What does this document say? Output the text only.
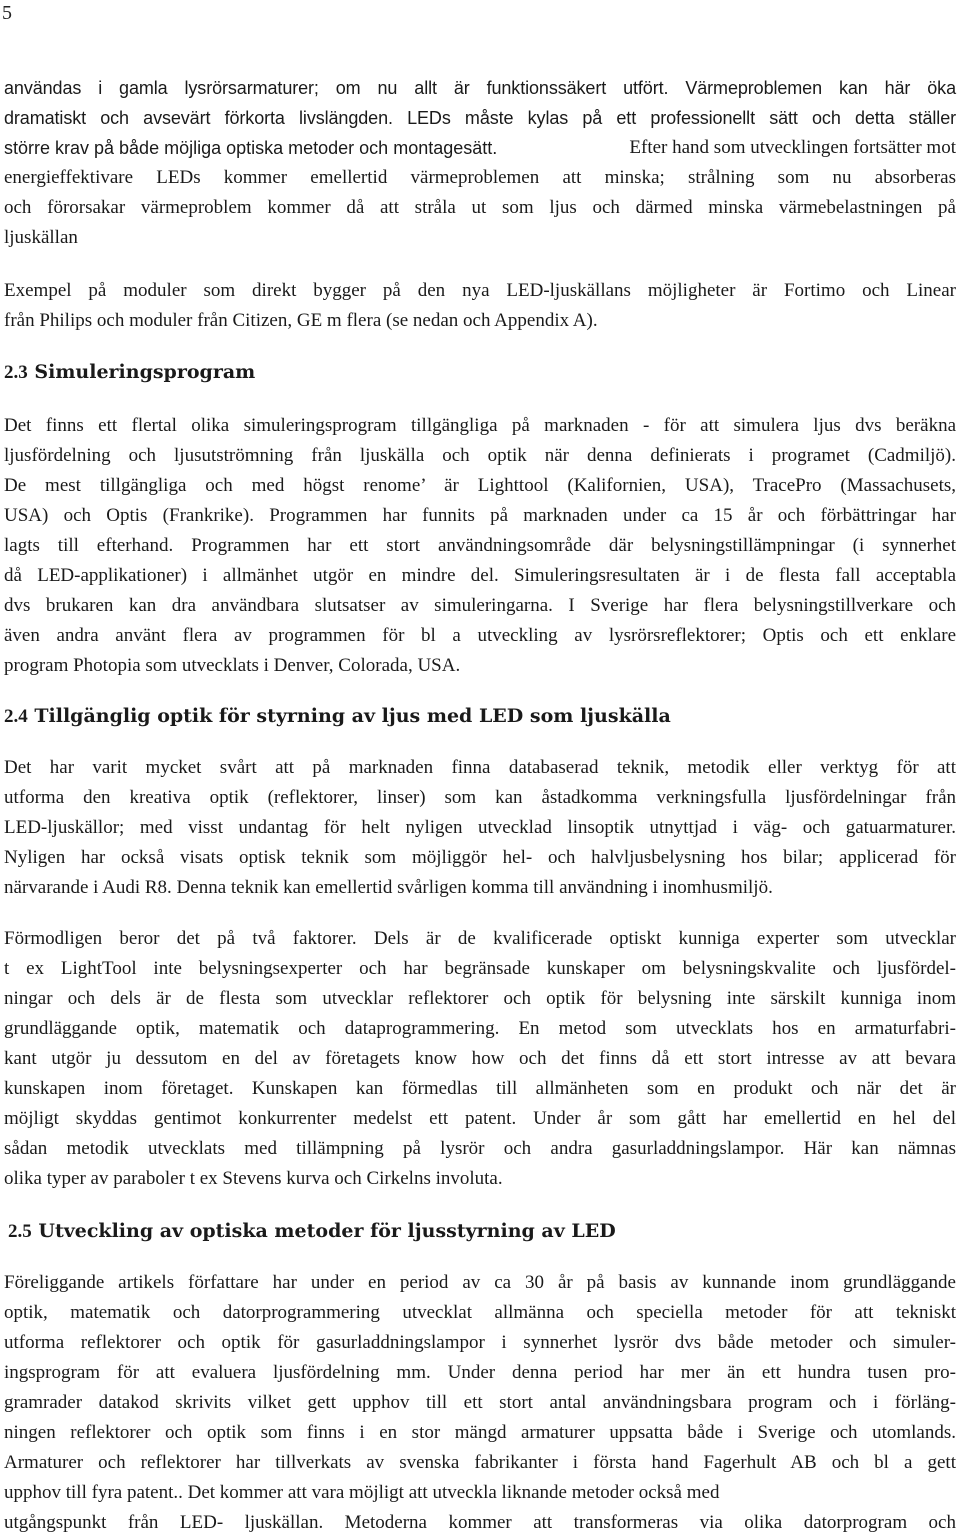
5
användas i gamla lysrörsarmaturer; om nu allt är funktionssäkert utfört. Värmeproblemen kan här öka
dramatiskt och avsevärt förkorta livslängden. LEDs måste kylas på ett professionellt sätt och detta ställer
större krav på både möjliga optiska metoder och montagesätt.	Efter hand som utvecklingen fortsätter mot
energieffektivare LEDs kommer emellertid värmeproblemen att minska; strålning som nu absorberas
och förorsakar värmeproblem kommer då att stråla ut som ljus och därmed minska värmebelastningen på
ljuskällan
Exempel på moduler som direkt bygger på den nya LED-ljuskällans möjligheter är Fortimo och Linear
från Philips och moduler från Citizen, GE m flera (se nedan och Appendix A).
2.3 Simuleringsprogram
Det finns ett flertal olika simuleringsprogram tillgängliga på marknaden - för att simulera ljus dvs beräkna
ljusfördelning och ljusutströmning från ljuskälla och optik när denna definierats i programet (Cadmiljö).
De mest tillgängliga och med högst renome’ är Lighttool (Kalifornien, USA), TracePro (Massachusets,
USA) och Optis (Frankrike). Programmen har funnits på marknaden under ca 15 år och förbättringar har
lagts till efterhand. Programmen har ett stort användningsområde där belysningstillämpningar (i synnerhet
då LED-applikationer) i allmänhet utgör en mindre del. Simuleringsresultaten är i de flesta fall acceptabla
dvs brukaren kan dra användbara slutsatser av simuleringarna. I Sverige har flera belysningstillverkare och
även andra använt flera av programmen för bl a utveckling av lysrörsreflektorer; Optis och ett enklare
program Photopia som utvecklats i Denver, Colorada, USA.
2.4 Tillgänglig optik för styrning av ljus med LED som ljuskälla
Det har varit mycket svårt att på marknaden finna databaserad teknik, metodik eller verktyg för att
utforma den kreativa optik (reflektorer, linser) som kan åstadkomma verkningsfulla ljusfördelningar från
LED-ljuskällor; med visst undantag för helt nyligen utvecklad linsoptik utnyttjad i väg- och gatuarmaturer.
Nyligen har också visats optisk teknik som möjliggör hel- och halvljusbelysning hos bilar; applicerad för
närvarande i Audi R8. Denna teknik kan emellertid svårligen komma till användning i inomhusmiljö.
Förmodligen beror det på två faktorer. Dels är de kvalificerade optiskt kunniga experter som utvecklar
t ex LightTool inte belysningsexperter och har begränsade kunskaper om belysningskvalite och ljusfördel-
ningar och dels är de flesta som utvecklar reflektorer och optik för belysning inte särskilt kunniga inom
grundläggande optik, matematik och dataprogrammering. En metod som utvecklats hos en armaturfabri-
kant utgör ju dessutom en del av företagets know how och det finns då ett stort intresse av att bevara
kunskapen inom företaget. Kunskapen kan förmedlas till allmänheten som en produkt och när det är
möjligt skyddas gentimot konkurrenter medelst ett patent. Under år som gått har emellertid en hel del
sådan metodik utvecklats med tillämpning på lysrör och andra gasurladdningslampor. Här kan nämnas
olika typer av paraboler t ex Stevens kurva och Cirkelns involuta.
2.5 Utveckling av optiska metoder för ljusstyrning av LED
Föreliggande artikels författare har under en period av ca 30 år på basis av kunnande inom grundläggande
optik, matematik och datorprogrammering utvecklat allmänna och speciella metoder för att tekniskt
utforma reflektorer och optik för gasurladdningslampor i synnerhet lysrör dvs både metoder och simuler-
ingsprogram för att evaluera ljusfördelning mm. Under denna period har mer än ett hundra tusen pro-
gramrader datakod skrivits vilket gett upphov till ett stort antal användningsbara program och i förläng-
ningen reflektorer och optik som finns i en stor mängd armaturer uppsatta både i Sverige och utomlands.
Armaturer och reflektorer har tillverkats av svenska fabrikanter i första hand Fagerhult AB och bl a gett
upphov till fyra patent.. Det kommer att vara möjligt att utveckla liknande metoder också med
utgångspunkt från LED- ljuskällan. Metoderna kommer att transformeras via olika datorprogram och
